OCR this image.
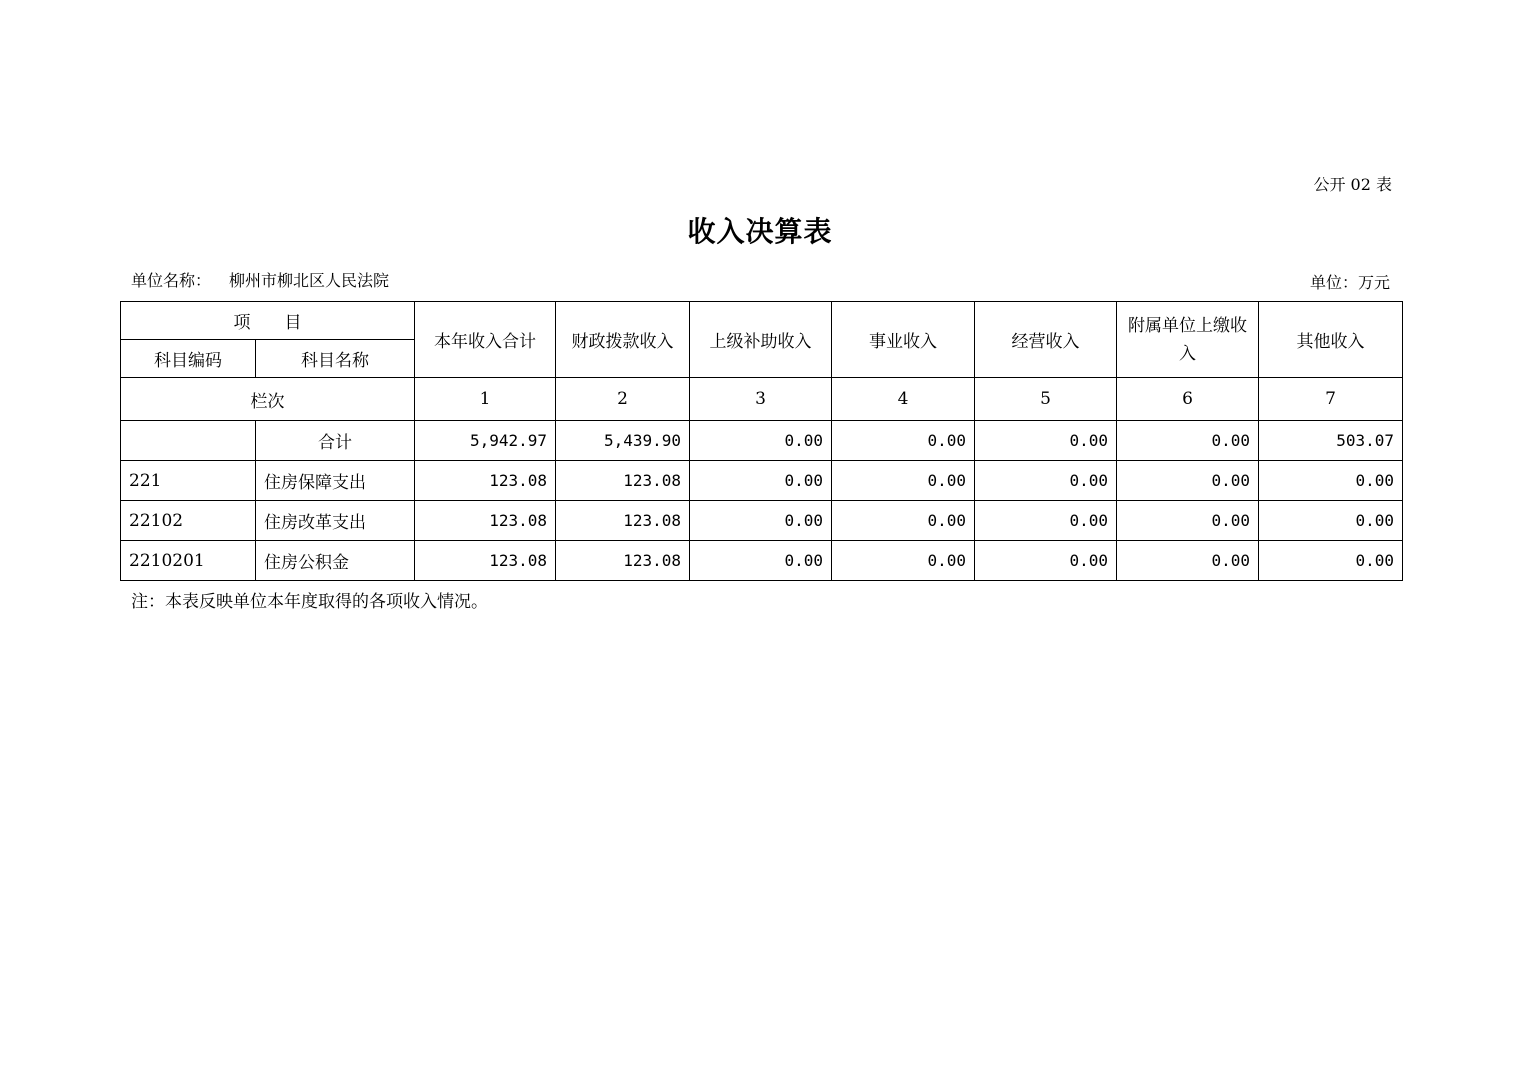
公开 02 表
收入决算表
单位名称： 柳州市柳北区人民法院	单位：万元
项　　目		本年收入合计	财政拨款收入	上级补助收入	事业收入	经营收入	附属单位上缴收入	其他收入
科目编码	科目名称							
栏次		1	2	3	4	5	6	7
	合计	5,942.97	5,439.90	0.00	0.00	0.00	0.00	503.07
221	住房保障支出	123.08	123.08	0.00	0.00	0.00	0.00	0.00
22102	住房改革支出	123.08	123.08	0.00	0.00	0.00	0.00	0.00
2210201	住房公积金	123.08	123.08	0.00	0.00	0.00	0.00	0.00
注：本表反映单位本年度取得的各项收入情况。
